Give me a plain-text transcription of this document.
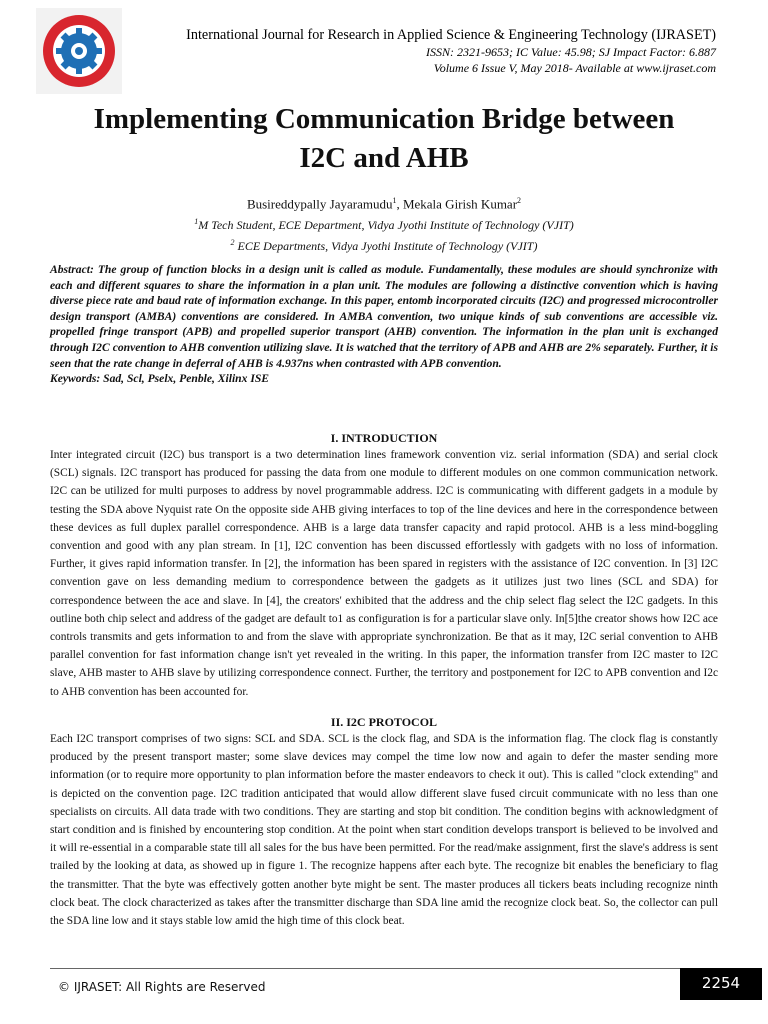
International Journal for Research in Applied Science & Engineering Technology (IJRASET)
ISSN: 2321-9653; IC Value: 45.98; SJ Impact Factor: 6.887
Volume 6 Issue V, May 2018- Available at www.ijraset.com
Implementing Communication Bridge between
I2C and AHB
Busireddypally Jayaramudu$^1$, Mekala Girish Kumar$^2$
$^1$M Tech Student, ECE Department, Vidya Jyothi Institute of Technology (VJIT)
$^2$ ECE Departments, Vidya Jyothi Institute of Technology (VJIT)
Abstract: The group of function blocks in a design unit is called as module. Fundamentally, these modules are should synchronize with each and different squares to share the information in a plan unit. The modules are following a distinctive convention which is having diverse piece rate and baud rate of information exchange. In this paper, entomb incorporated circuits (I2C) and progressed microcontroller design transport (AMBA) conventions are considered. In AMBA convention, two unique kinds of sub conventions are accessible viz. propelled fringe transport (APB) and propelled superior transport (AHB) convention. The information in the plan unit is exchanged through I2C convention to AHB convention utilizing slave. It is watched that the territory of APB and AHB are 2% separately. Further, it is seen that the rate change in deferral of AHB is 4.937ns when contrasted with APB convention.
Keywords: Sad, Scl, Pselx, Penble, Xilinx ISE
I. INTRODUCTION
Inter integrated circuit (I2C) bus transport is a two determination lines framework convention viz. serial information (SDA) and serial clock (SCL) signals. I2C transport has produced for passing the data from one module to different modules on one common communication network. I2C can be utilized for multi purposes to address by novel programmable address. I2C is communicating with different gadgets in a module by testing the SDA above Nyquist rate On the opposite side AHB giving interfaces to top of the line devices and here in the correspondence between these devices as full duplex parallel correspondence. AHB is a large data transfer capacity and rapid protocol. AHB is a less mind-boggling convention and good with any plan stream. In [1], I2C convention has been discussed effortlessly with gadgets with no loss of information. Further, it gives rapid information transfer. In [2], the information has been spared in registers with the assistance of I2C convention. In [3] I2C convention gave on less demanding medium to correspondence between the gadgets as it utilizes just two lines (SCL and SDA) for correspondence between the ace and slave. In [4], the creators' exhibited that the address and the chip select flag select the I2C gadgets. In this outline both chip select and address of the gadget are default to1 as configuration is for a particular slave only. In[5]the creator shows how I2C ace controls transmits and gets information to and from the slave with appropriate synchronization. Be that as it may, I2C serial convention to AHB parallel convention for fast information change isn't yet revealed in the writing. In this paper, the information transfer from I2C master to I2C slave, AHB master to AHB slave by utilizing correspondence connect. Further, the territory and postponement for I2C to APB convention and I2c to AHB convention has been accounted for.
II. I2C PROTOCOL
Each I2C transport comprises of two signs: SCL and SDA. SCL is the clock flag, and SDA is the information flag. The clock flag is constantly produced by the present transport master; some slave devices may compel the time low now and again to defer the master sending more information (or to require more opportunity to plan information before the master endeavors to check it out). This is called "clock extending" and is depicted on the convention page. I2C tradition anticipated that would allow different slave fused circuit communicate with no less than one specialists on circuits. All data trade with two conditions. They are starting and stop bit condition. The condition begins with acknowledgment of start condition and is finished by encountering stop condition. At the point when start condition develops transport is believed to be involved and it will re-essential in a comparable state till all sales for the bus have been permitted. For the read/make assignment, first the slave's address is sent trailed by the looking at data, as showed up in figure 1. The recognize happens after each byte. The recognize bit enables the beneficiary to flag the transmitter. That the byte was effectively gotten another byte might be sent. The master produces all tickers beats including recognize ninth clock beat. The clock characterized as takes after the transmitter discharge than SDA line amid the recognize clock beat. So, the collector can pull the SDA line low and it stays stable low amid the high time of this clock beat.
© IJRASET: All Rights are Reserved	2254
